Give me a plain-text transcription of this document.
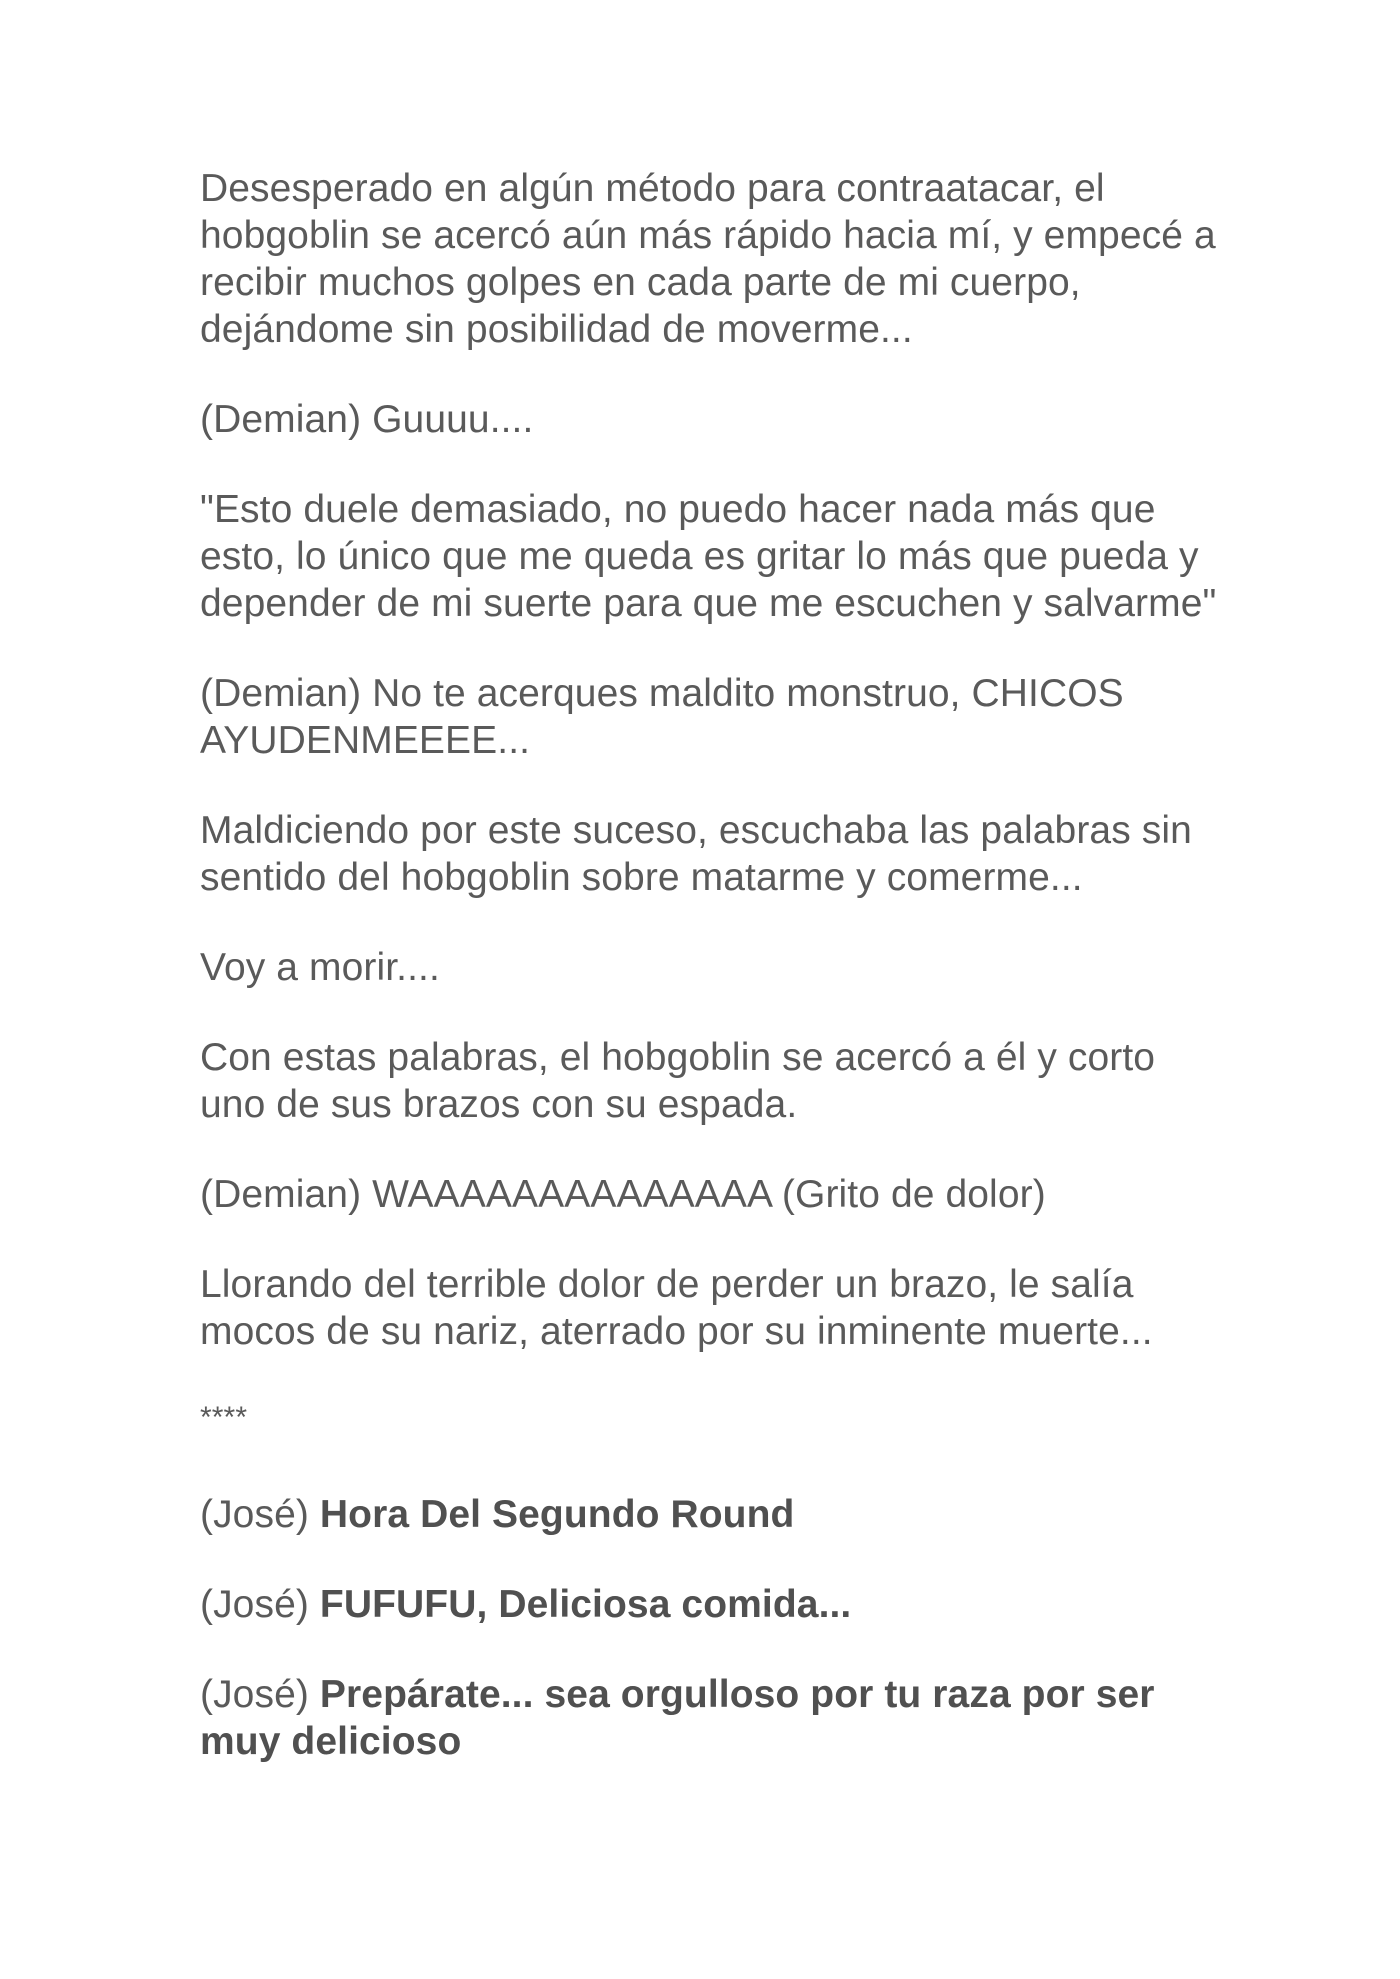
Desesperado en algún método para contraatacar, el hobgoblin se acercó aún más rápido hacia mí, y empecé a recibir muchos golpes en cada parte de mi cuerpo, dejándome sin posibilidad de moverme...

(Demian) Guuuu....

"Esto duele demasiado, no puedo hacer nada más que esto, lo único que me queda es gritar lo más que pueda y depender de mi suerte para que me escuchen y salvarme"

(Demian) No te acerques maldito monstruo, CHICOS AYUDENMEEEE...

Maldiciendo por este suceso, escuchaba las palabras sin sentido del hobgoblin sobre matarme y comerme...

Voy a morir....

Con estas palabras, el hobgoblin se acercó a él y corto uno de sus brazos con su espada.

(Demian) WAAAAAAAAAAAAAA (Grito de dolor)

Llorando del terrible dolor de perder un brazo, le salía mocos de su nariz, aterrado por su inminente muerte...

****

(José) Hora Del Segundo Round

(José) FUFUFU, Deliciosa comida...

(José) Prepárate... sea orgulloso por tu raza por ser muy delicioso
